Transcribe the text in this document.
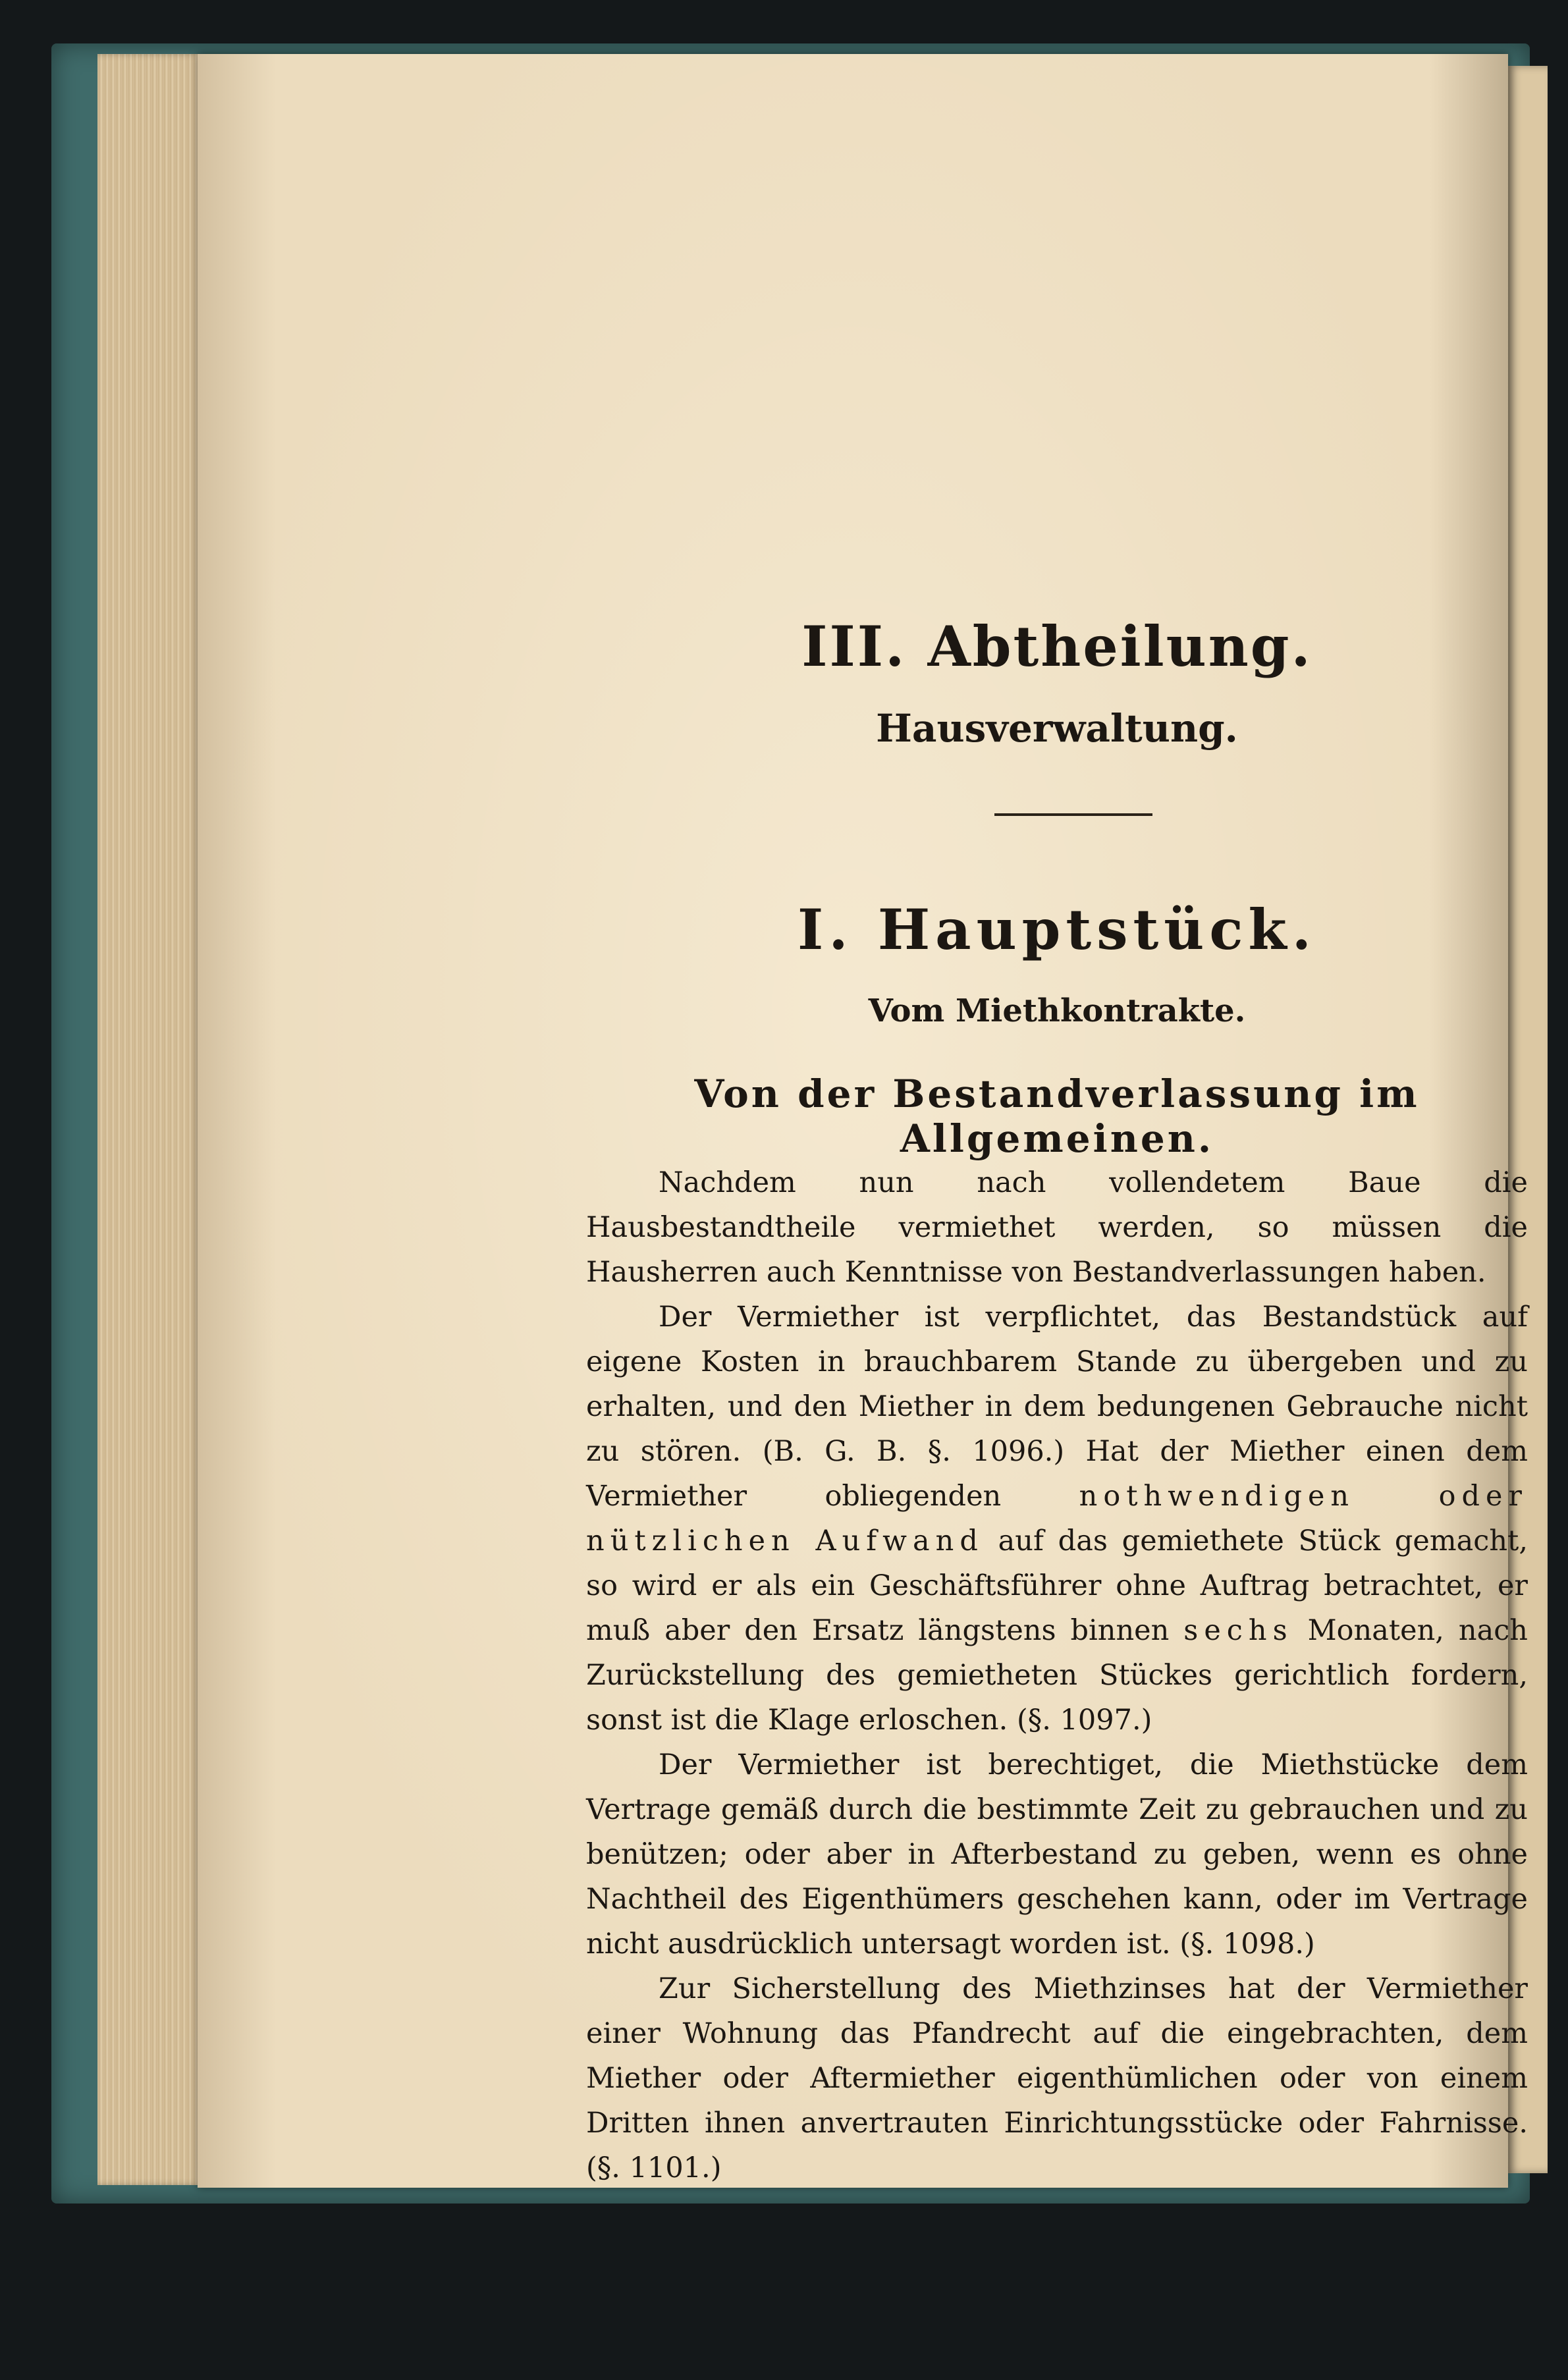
III. Abtheilung.
Hausverwaltung.
I. Hauptstück.
Vom Miethkontrakte.
Von der Bestandverlassung im Allgemeinen.

Nachdem nun nach vollendetem Baue die Hausbestandtheile vermiethet werden, so müssen die Hausherren auch Kenntnisse von Bestandverlassungen haben.

Der Vermiether ist verpflichtet, das Bestandstück auf eigene Kosten in brauchbarem Stande zu übergeben und zu erhalten, und den Miether in dem bedungenen Gebrauche nicht zu stören. (B. G. B. §. 1096.) Hat der Miether einen dem Vermiether obliegenden	nothwendigen oder nützlichen Aufwand auf das gemiethete Stück gemacht, so wird er als ein Geschäftsführer ohne Auftrag betrachtet, er muß aber den Ersatz längstens binnen sechs Monaten, nach Zurückstellung des gemietheten Stückes gerichtlich fordern, sonst ist die Klage erloschen. (§. 1097.)

Der Vermiether ist berechtiget, die Miethstücke dem Vertrage gemäß durch die bestimmte Zeit zu gebrauchen und zu benützen; oder aber in Afterbestand zu geben, wenn es ohne Nachtheil des Eigenthümers geschehen kann, oder im Vertrage nicht ausdrücklich untersagt worden ist. (§. 1098.)

Zur Sicherstellung des Miethzinses hat der Vermiether einer Wohnung das Pfandrecht auf die eingebrachten, dem Miether oder Aftermiether eigenthümlichen oder von einem Dritten ihnen anvertrauten Einrichtungsstücke oder Fahrnisse. (§. 1101.)
